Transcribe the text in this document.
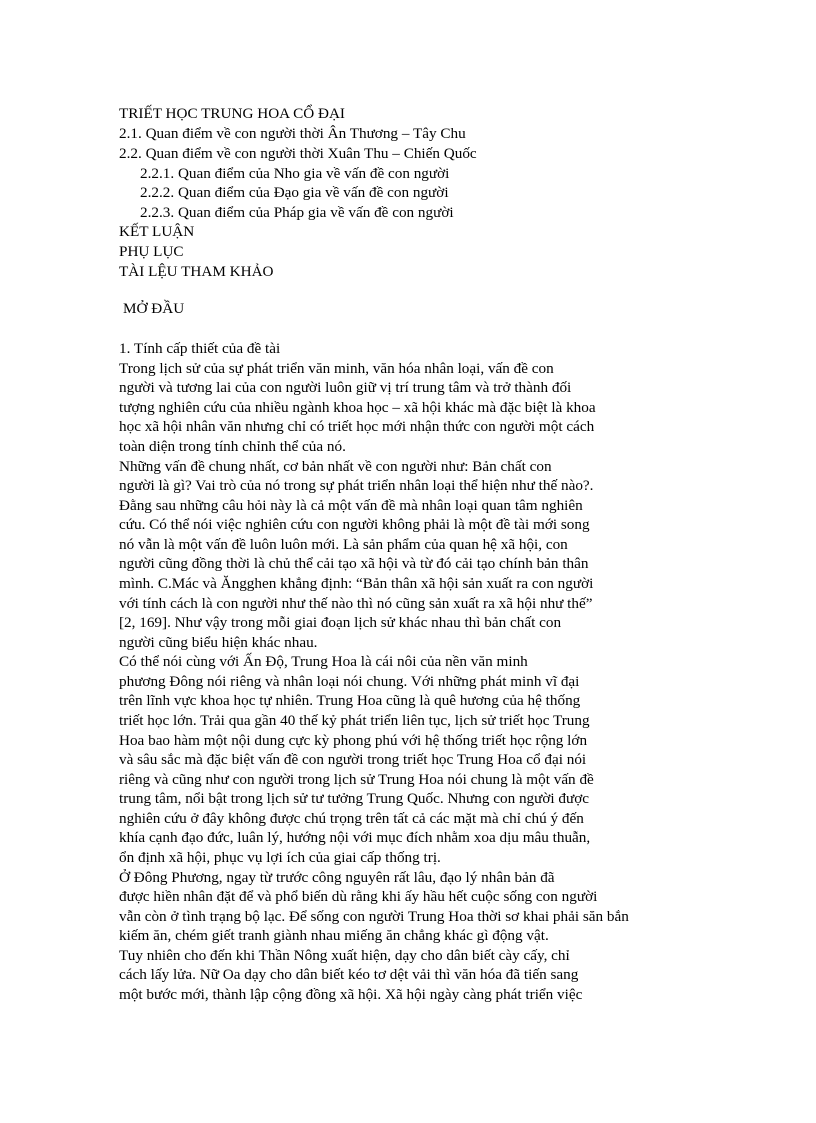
TRIẾT HỌC TRUNG HOA CỔ ĐẠI
2.1. Quan điểm về con người thời Ân Thương – Tây Chu
2.2. Quan điểm về con người thời Xuân Thu – Chiến Quốc
2.2.1. Quan điểm của Nho gia về vấn đề con người
2.2.2. Quan điểm của Đạo gia về vấn đề con người
2.2.3. Quan điểm của Pháp gia về vấn đề con người
KẾT LUẬN
PHỤ LỤC
TÀI LỆU THAM KHẢO
MỞ ĐẦU
1. Tính cấp thiết của đề tài
Trong lịch sử của sự phát triển văn minh, văn hóa nhân loại, vấn đề con
người và tương lai của con người luôn giữ vị trí trung tâm và trở thành đối
tượng nghiên cứu của nhiều ngành khoa học – xã hội khác mà đặc biệt là khoa
học xã hội nhân văn nhưng chỉ có triết học mới nhận thức con người một cách
toàn diện trong tính chỉnh thể của nó.
Những vấn đề chung nhất, cơ bản nhất về con người như: Bản chất con
người là gì? Vai trò của nó trong sự phát triển nhân loại thể hiện như thế nào?.
Đằng sau những câu hỏi này là cả một vấn đề mà nhân loại quan tâm nghiên
cứu. Có thể nói việc nghiên cứu con người không phải là một đề tài mới song
nó vẫn là một vấn đề luôn luôn mới. Là sản phẩm của quan hệ xã hội, con
người cũng đồng thời là chủ thể cải tạo xã hội và từ đó cải tạo chính bản thân
mình. C.Mác và Ăngghen khẳng định: “Bản thân xã hội sản xuất ra con người
với tính cách là con người như thế nào thì nó cũng sản xuất ra xã hội như thế”
[2, 169]. Như vậy trong mỗi giai đoạn lịch sử khác nhau thì bản chất con
người cũng biểu hiện khác nhau.
Có thể nói cùng với Ấn Độ, Trung Hoa là cái nôi của nền văn minh
phương Đông nói riêng và nhân loại nói chung. Với những phát minh vĩ đại
trên lĩnh vực khoa học tự nhiên. Trung Hoa cũng là quê hương của hệ thống
triết học lớn. Trải qua gần 40 thế kỷ phát triển liên tục, lịch sử triết học Trung
Hoa bao hàm một nội dung cực kỳ phong phú với hệ thống triết học rộng lớn
và sâu sắc mà đặc biệt vấn đề con người trong triết học Trung Hoa cổ đại nói
riêng và cũng như con người trong lịch sử Trung Hoa nói chung là một vấn đề
trung tâm, nổi bật trong lịch sử tư tưởng Trung Quốc. Nhưng con người được
nghiên cứu ở đây không được chú trọng trên tất cả các mặt mà chỉ chú ý đến
khía cạnh đạo đức, luân lý, hướng nội với mục đích nhằm xoa dịu mâu thuẫn,
ổn định xã hội, phục vụ lợi ích của giai cấp thống trị.
Ở Đông Phương, ngay từ trước công nguyên rất lâu, đạo lý nhân bản đã
được hiền nhân đặt để và phổ biến dù rằng khi ấy hầu hết cuộc sống con người
vẫn còn ở tình trạng bộ lạc. Để sống con người Trung Hoa thời sơ khai phải săn bắn
kiếm ăn, chém giết tranh giành nhau miếng ăn chẳng khác gì động vật.
Tuy nhiên cho đến khi Thần Nông xuất hiện, dạy cho dân biết cày cấy, chỉ
cách lấy lửa. Nữ Oa dạy cho dân biết kéo tơ dệt vải thì văn hóa đã tiến sang
một bước mới, thành lập cộng đồng xã hội. Xã hội ngày càng phát triển việc
